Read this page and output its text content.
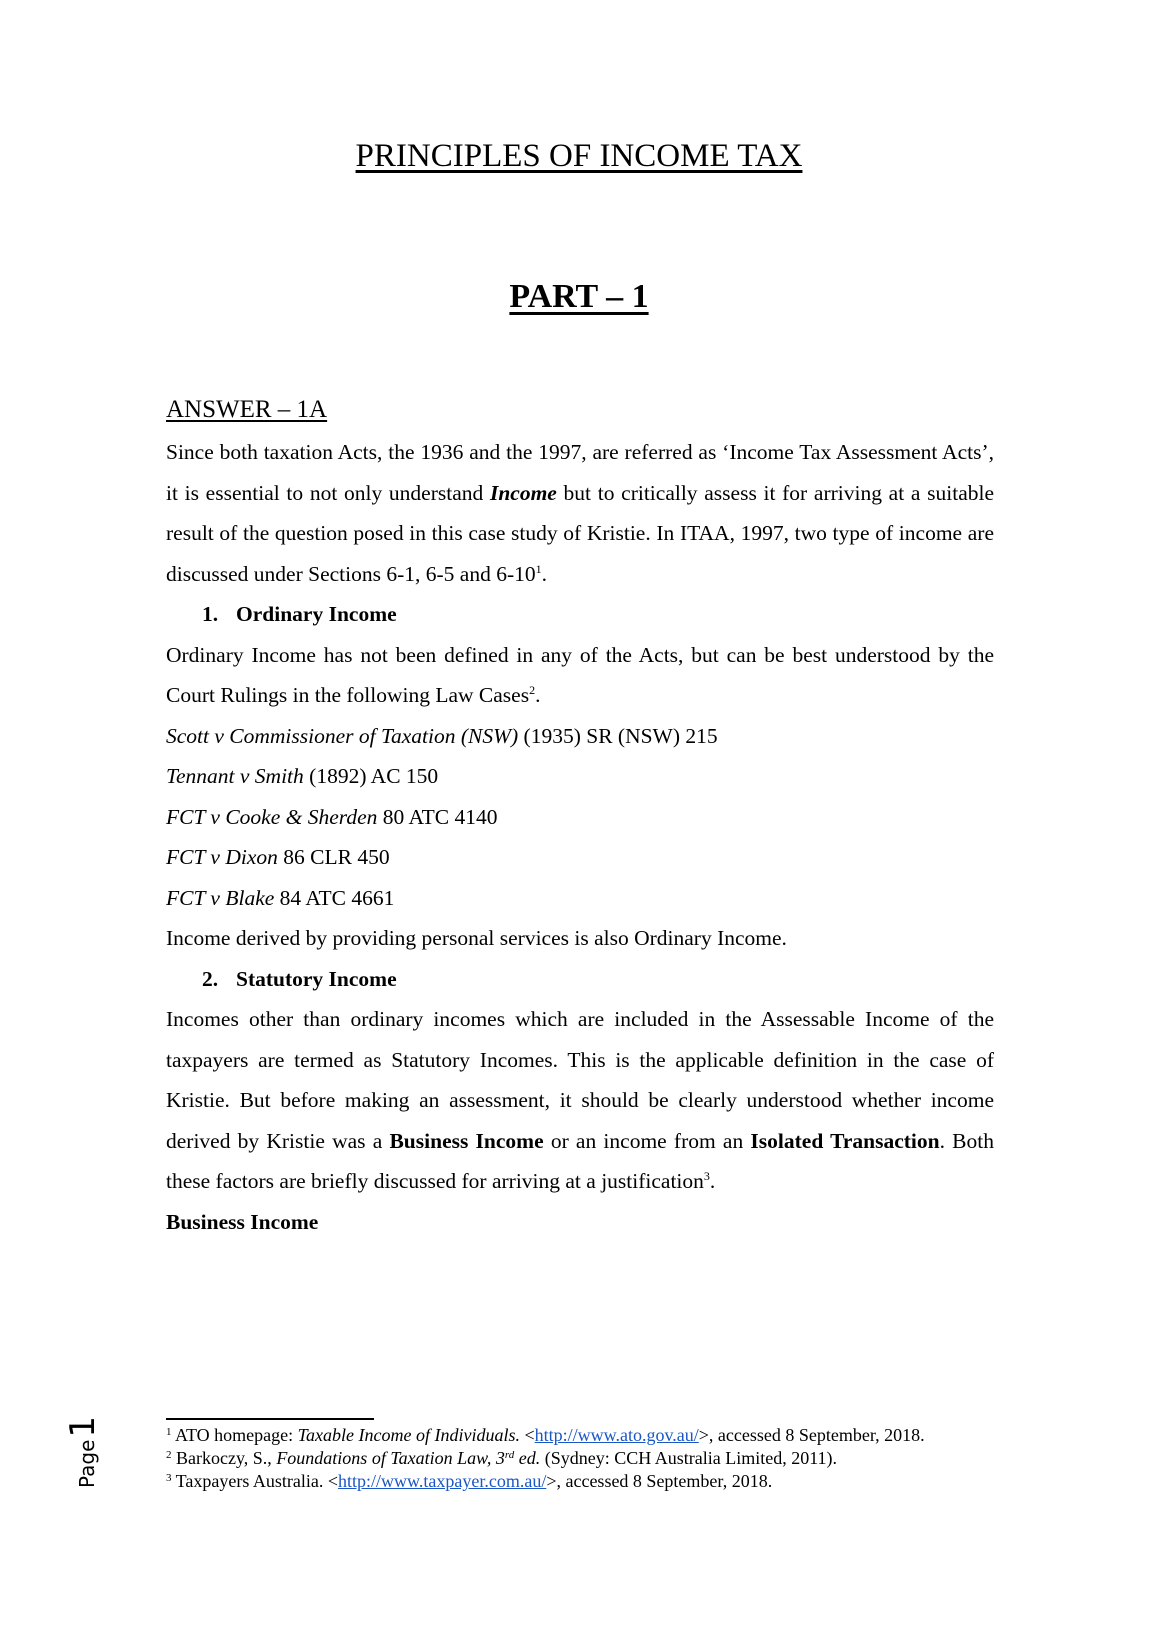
PRINCIPLES OF INCOME TAX
PART – 1
ANSWER – 1A

Since both taxation Acts, the 1936 and the 1997, are referred as ‘Income Tax Assessment Acts’, it is essential to not only understand Income but to critically assess it for arriving at a suitable result of the question posed in this case study of Kristie. In ITAA, 1997, two type of income are discussed under Sections 6-1, 6-5 and $6-10^1$.

1. Ordinary Income

Ordinary Income has not been defined in any of the Acts, but can be best understood by the Court Rulings in the following Law Cases$^2$.

Scott v Commissioner of Taxation (NSW) (1935) SR (NSW) 215

Tennant v Smith (1892) AC 150

FCT v Cooke & Sherden 80 ATC 4140

FCT v Dixon 86 CLR 450

FCT v Blake 84 ATC 4661

Income derived by providing personal services is also Ordinary Income.

2. Statutory Income

Incomes other than ordinary incomes which are included in the Assessable Income of the taxpayers are termed as Statutory Incomes. This is the applicable definition in the case of Kristie. But before making an assessment, it should be clearly understood whether income derived by Kristie was a Business Income or an income from an Isolated Transaction. Both these factors are briefly discussed for arriving at a justification$^3$.

Business Income

$^1$ ATO homepage: Taxable Income of Individuals. <http://www.ato.gov.au/>, accessed 8 September, 2018.

$^2$ Barkoczy, S., Foundations of Taxation Law, 3rd ed. (Sydney: CCH Australia Limited, 2011).

$^3$ Taxpayers Australia. <http://www.taxpayer.com.au/>, accessed 8 September, 2018.

Page1
